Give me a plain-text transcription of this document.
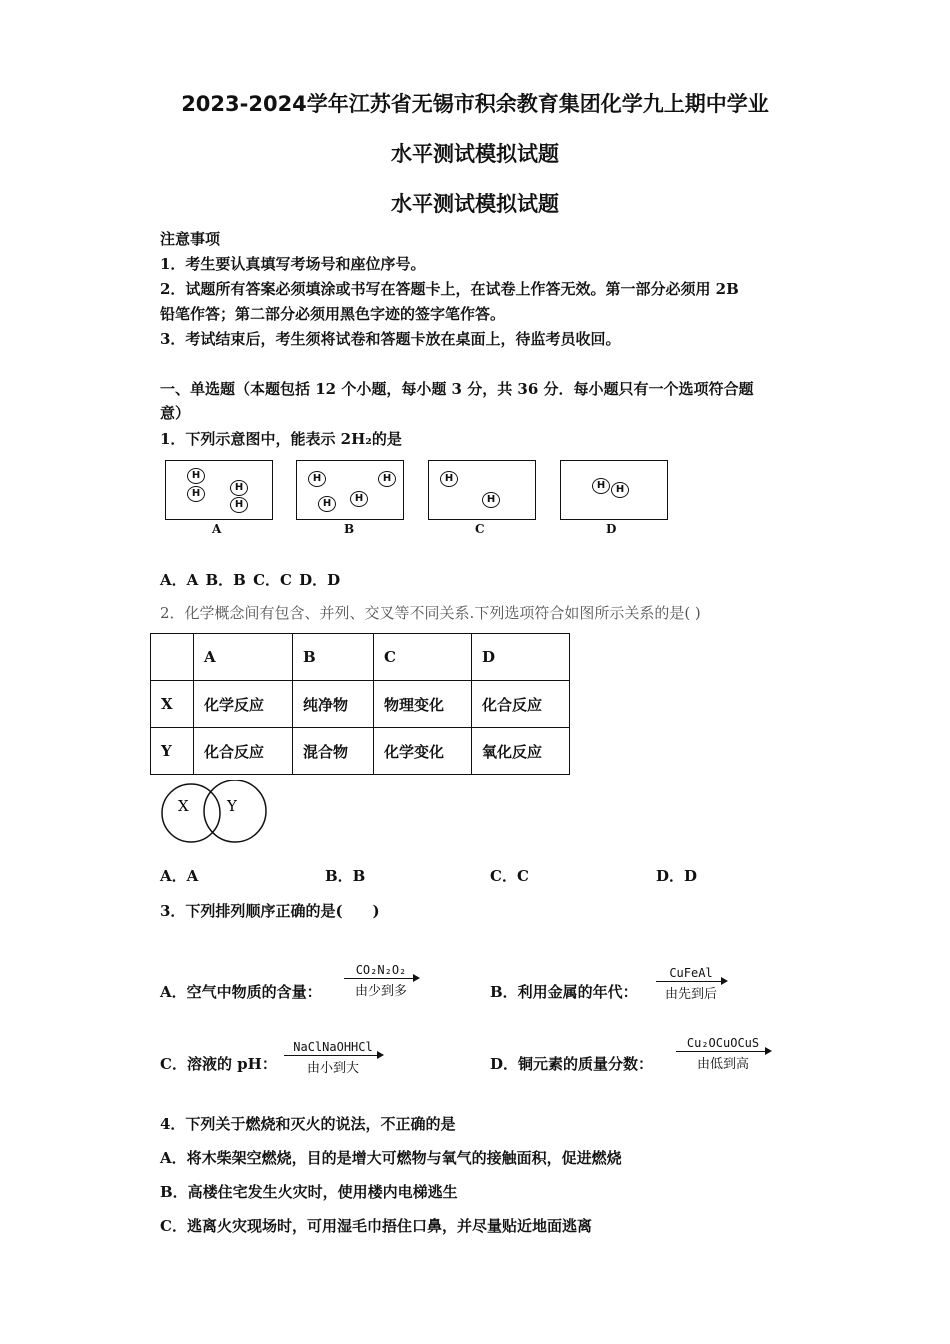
2023-2024学年江苏省无锡市积余教育集团化学九上期中学业
水平测试模拟试题
水平测试模拟试题
注意事项
1．考生要认真填写考场号和座位序号。
2．试题所有答案必须填涂或书写在答题卡上，在试卷上作答无效。第一部分必须用 2B
铅笔作答；第二部分必须用黑色字迹的签字笔作答。
3．考试结束后，考生须将试卷和答题卡放在桌面上，待监考员收回。
一、单选题（本题包括 12 个小题，每小题 3 分，共 36 分．每小题只有一个选项符合题
意）
1．下列示意图中，能表示 2H₂的是
H
H
H
H
A
H	H
H
H
B
H
H
C
H	H
D
A．A B．B C．C D．D
2．化学概念间有包含、并列、交叉等不同关系.下列选项符合如图所示关系的是( )
	A	B	C	D
X	化学反应	纯净物	物理变化	化合反应
Y	化合反应	混合物	化学变化	氧化反应
X	Y
A．A	B．B	C．C	D．D
3．下列排列顺序正确的是(　　)
A．空气中物质的含量：
CO₂N₂O₂
由少到多	B．利用金属的年代：
CuFeAl
由先到后
C．溶液的 pH：
NaClNaOHHCl
由小到大	D．铜元素的质量分数：
Cu₂OCuOCuS
由低到高
4．下列关于燃烧和灭火的说法，不正确的是
A．将木柴架空燃烧，目的是增大可燃物与氧气的接触面积，促进燃烧
B．高楼住宅发生火灾时，使用楼内电梯逃生
C．逃离火灾现场时，可用湿毛巾捂住口鼻，并尽量贴近地面逃离
